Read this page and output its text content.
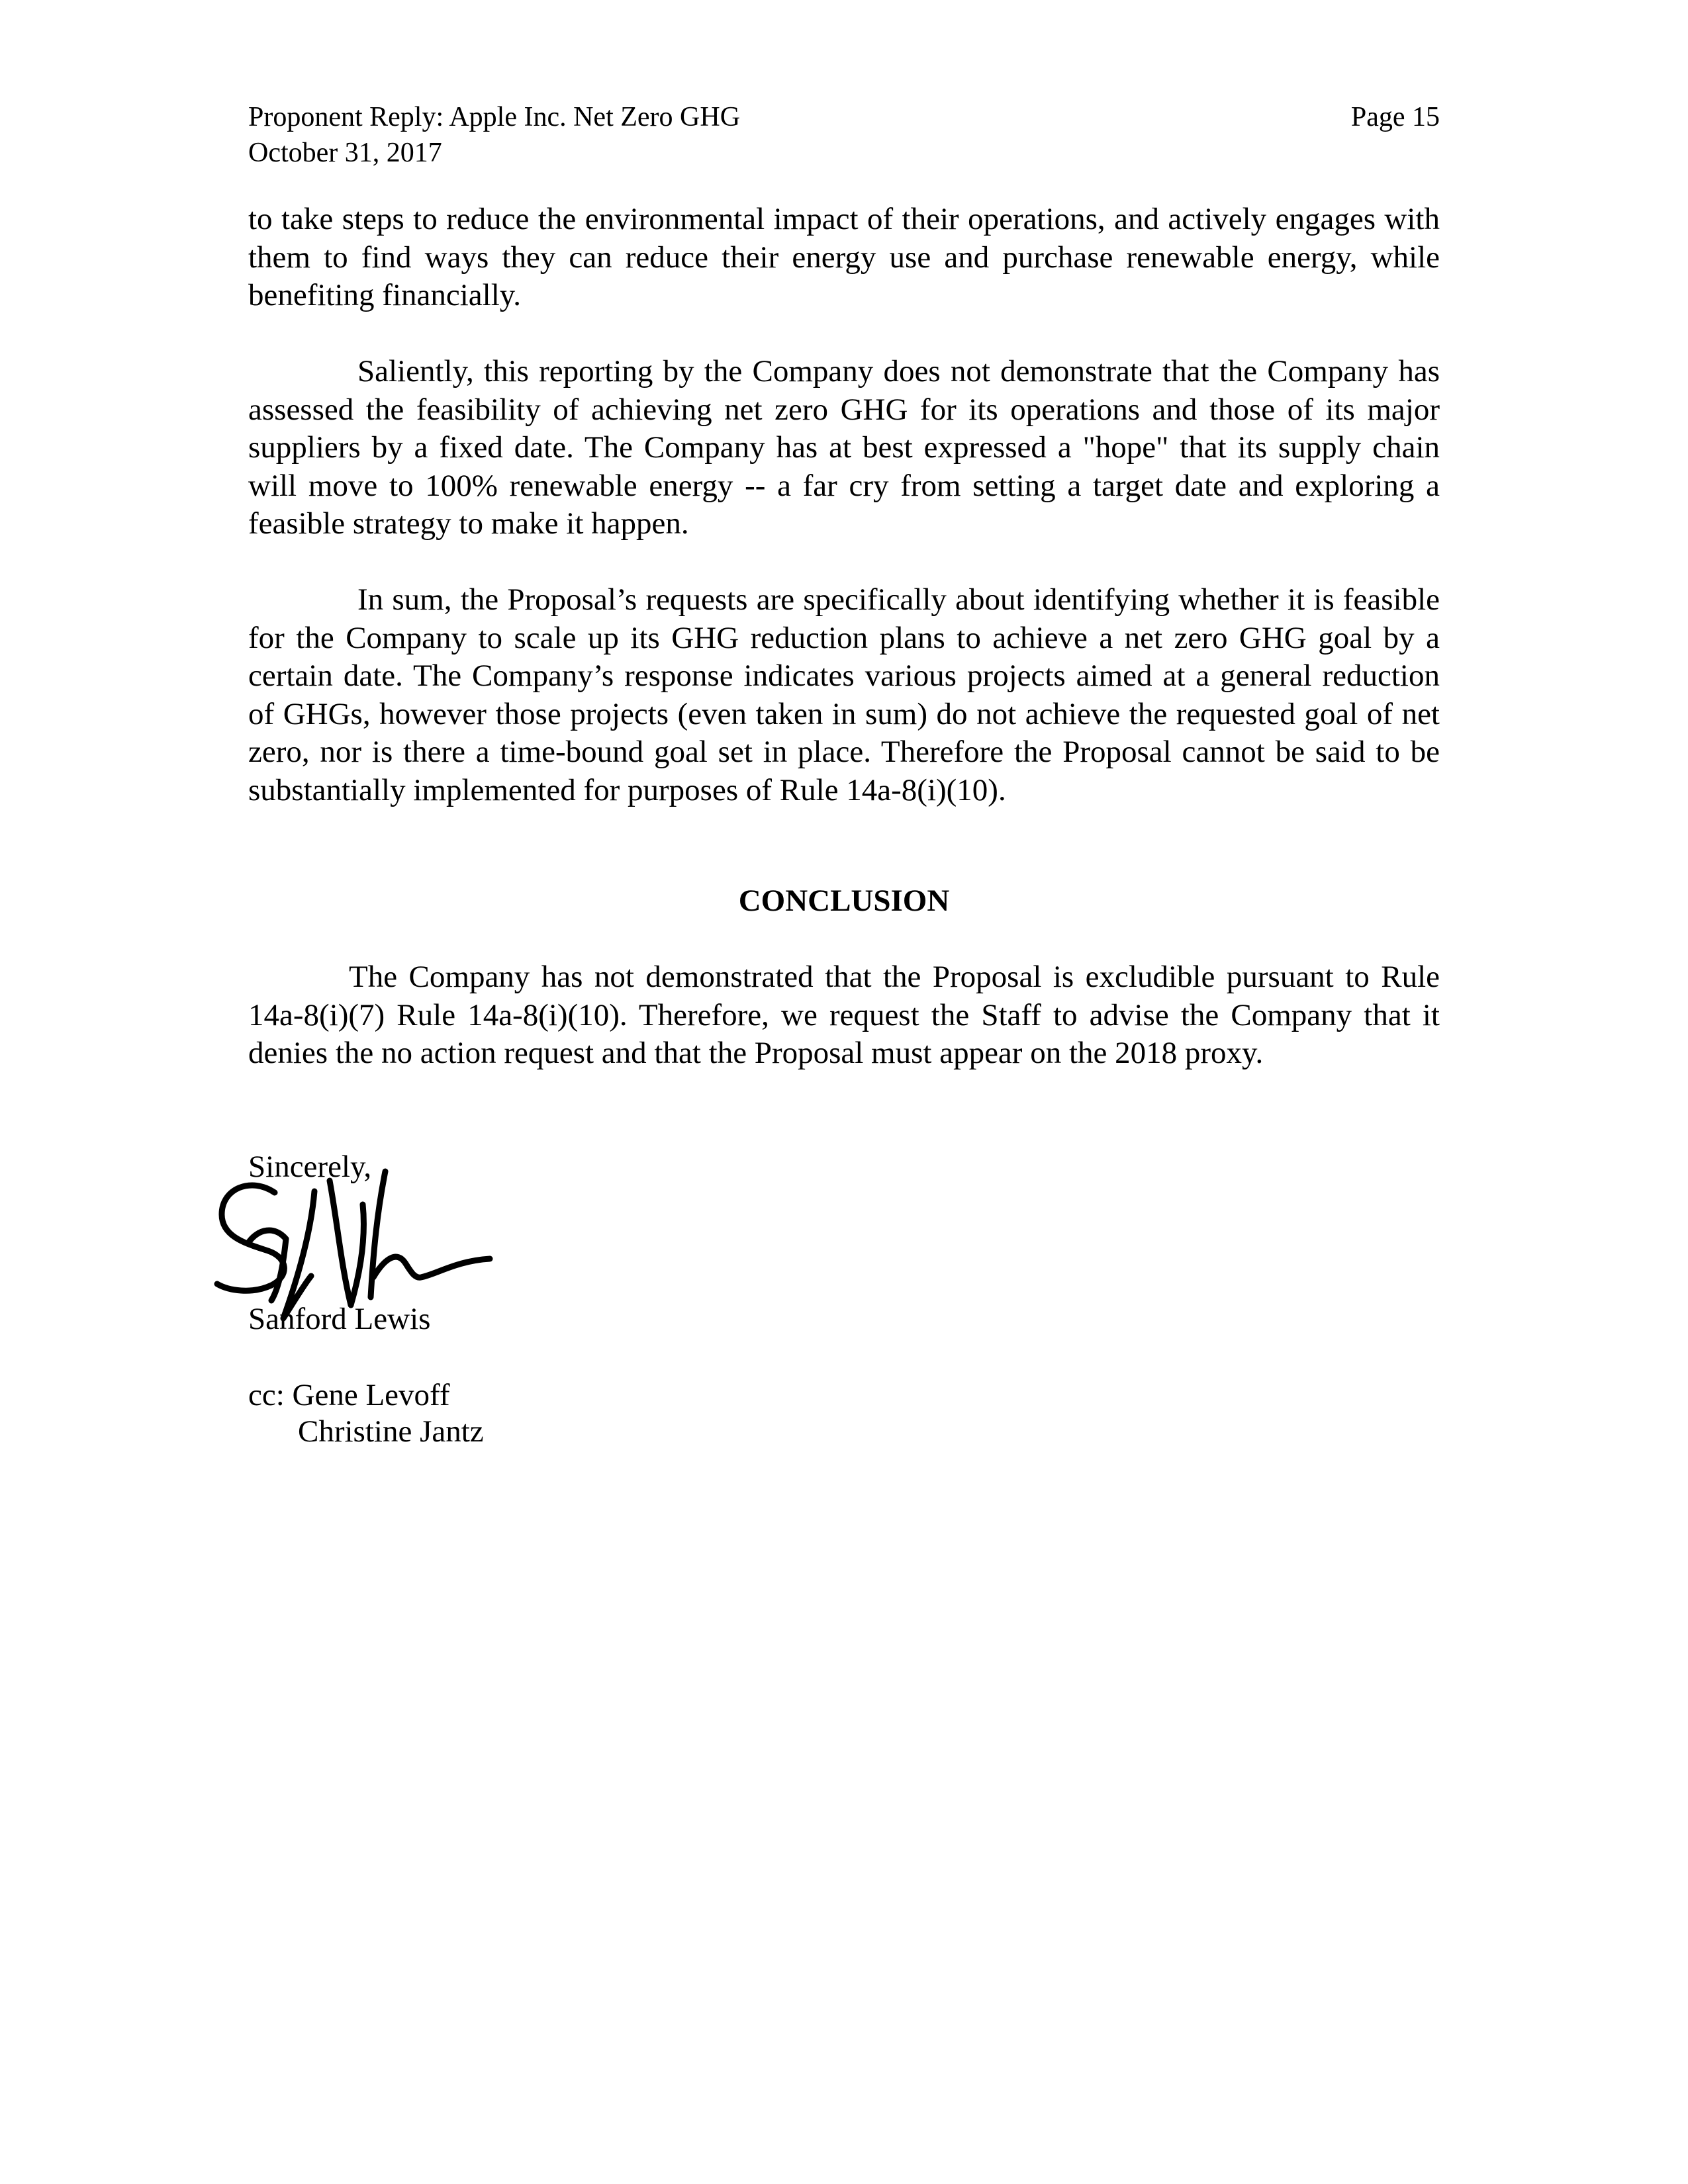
Proponent Reply: Apple Inc. Net Zero GHG	Page 15
October 31, 2017

to take steps to reduce the environmental impact of their operations, and actively engages with them to find ways they can reduce their energy use and purchase renewable energy, while benefiting financially.

Saliently, this reporting by the Company does not demonstrate that the Company has assessed the feasibility of achieving net zero GHG for its operations and those of its major suppliers by a fixed date. The Company has at best expressed a "hope" that its supply chain will move to 100% renewable energy -- a far cry from setting a target date and exploring a feasible strategy to make it happen.

In sum, the Proposal’s requests are specifically about identifying whether it is feasible for the Company to scale up its GHG reduction plans to achieve a net zero GHG goal by a certain date. The Company’s response indicates various projects aimed at a general reduction of GHGs, however those projects (even taken in sum) do not achieve the requested goal of net zero, nor is there a time-bound goal set in place. Therefore the Proposal cannot be said to be substantially implemented for purposes of Rule 14a-8(i)(10).

CONCLUSION

The Company has not demonstrated that the Proposal is excludible pursuant to Rule 14a-8(i)(7) Rule 14a-8(i)(10). Therefore, we request the Staff to advise the Company that it denies the no action request and that the Proposal must appear on the 2018 proxy.

Sincerely,
Sanford Lewis
cc: Gene Levoff
Christine Jantz
